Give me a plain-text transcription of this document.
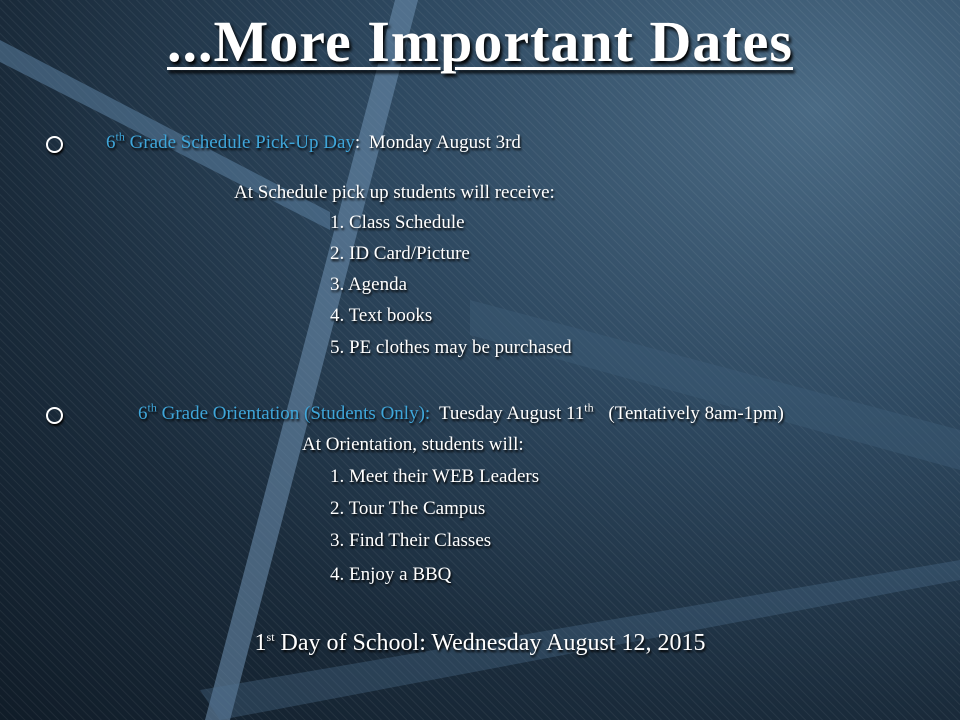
...More Important Dates
6th Grade Schedule Pick-Up Day: Monday August 3rd
At Schedule pick up students will receive:
1. Class Schedule
2. ID Card/Picture
3. Agenda
4. Text books
5. PE clothes may be purchased
6th Grade Orientation (Students Only): Tuesday August 11th (Tentatively 8am-1pm)
At Orientation, students will:
1. Meet their WEB Leaders
2. Tour The Campus
3. Find Their Classes
4. Enjoy a BBQ
1st Day of School: Wednesday August 12, 2015
